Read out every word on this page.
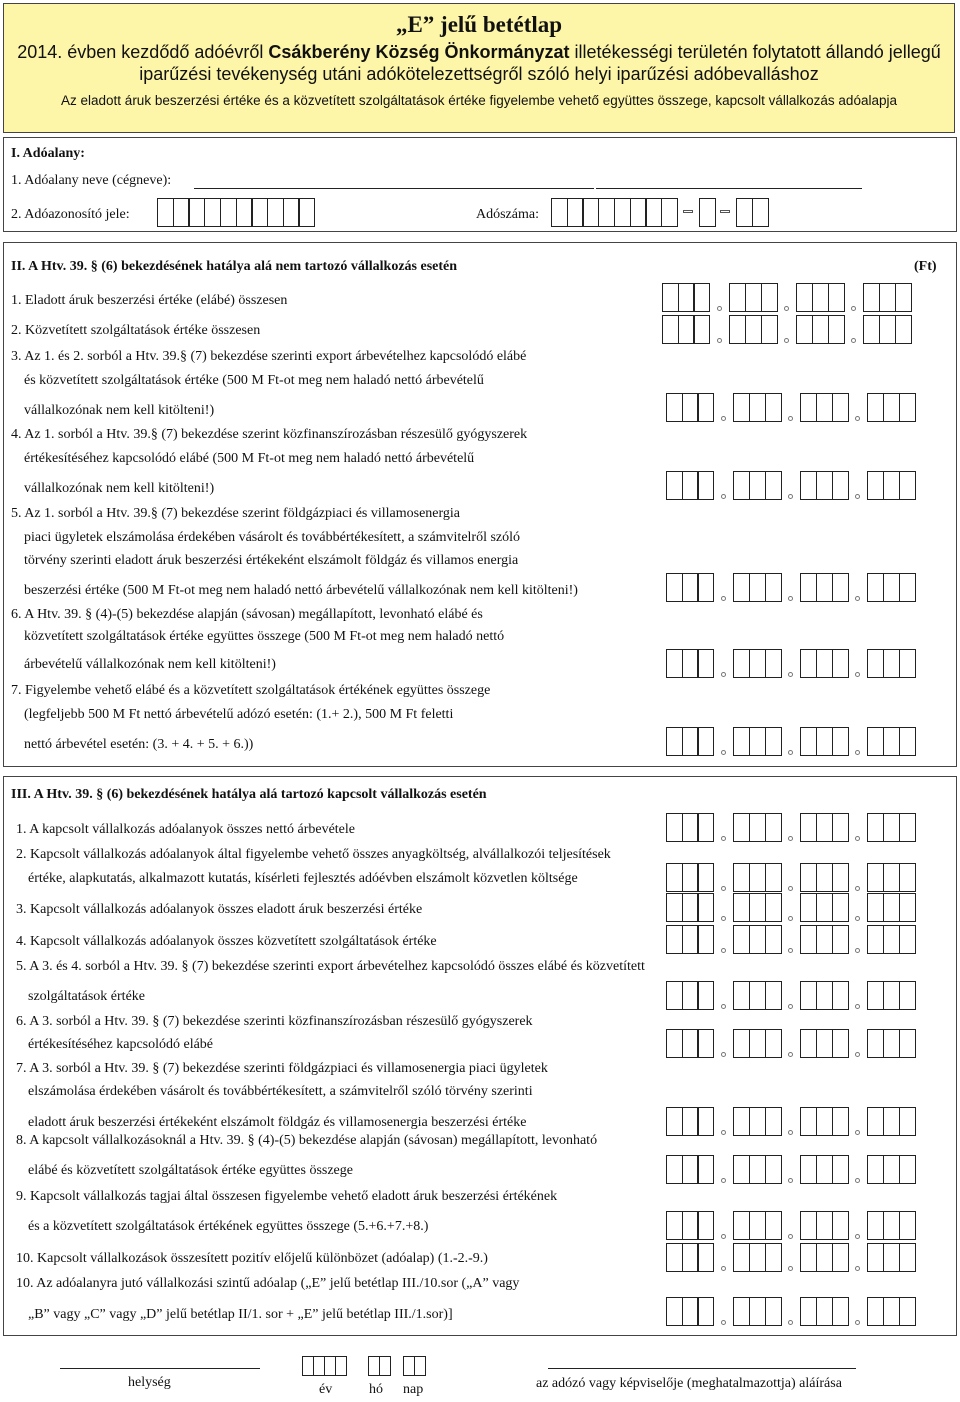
„E” jelű betétlap
2014. évben kezdődő adóévről Csákberény Község Önkormányzat illetékességi területén folytatott állandó jellegű
iparűzési tevékenység utáni adókötelezettségről szóló helyi iparűzési adóbevalláshoz
Az eladott áruk beszerzési értéke és a közvetített szolgáltatások értéke figyelembe vehető együttes összege, kapcsolt vállalkozás adóalapja
I. Adóalany:
1. Adóalany neve (cégneve):
2. Adóazonosító jele:	Adószáma:
II. A Htv. 39. § (6) bekezdésének hatálya alá nem tartozó vállalkozás esetén	(Ft)
1. Eladott áruk beszerzési értéke (elábé) összesen
2. Közvetített szolgáltatások értéke összesen
3. Az 1. és 2. sorból a Htv. 39.§ (7) bekezdése szerinti export árbevételhez kapcsolódó elábé
és közvetített szolgáltatások értéke (500 M Ft-ot meg nem haladó nettó árbevételű
vállalkozónak nem kell kitölteni!)
4. Az 1. sorból a Htv. 39.§ (7) bekezdése szerint közfinanszírozásban részesülő gyógyszerek
értékesítéséhez kapcsolódó elábé (500 M Ft-ot meg nem haladó nettó árbevételű
vállalkozónak nem kell kitölteni!)
5. Az 1. sorból a Htv. 39.§ (7) bekezdése szerint földgázpiaci és villamosenergia
piaci ügyletek elszámolása érdekében vásárolt és továbbértékesített, a számvitelről szóló
törvény szerinti eladott áruk beszerzési értékeként elszámolt földgáz és villamos energia
beszerzési értéke (500 M Ft-ot meg nem haladó nettó árbevételű vállalkozónak nem kell kitölteni!)
6. A Htv. 39. § (4)-(5) bekezdése alapján (sávosan) megállapított, levonható elábé és
közvetített szolgáltatások értéke együttes összege (500 M Ft-ot meg nem haladó nettó
árbevételű vállalkozónak nem kell kitölteni!)
7. Figyelembe vehető elábé és a közvetített szolgáltatások értékének együttes összege
(legfeljebb 500 M Ft nettó árbevételű adózó esetén: (1.+ 2.), 500 M Ft feletti
nettó árbevétel esetén: (3. + 4. + 5. + 6.))
III. A Htv. 39. § (6) bekezdésének hatálya alá tartozó kapcsolt vállalkozás esetén
1. A kapcsolt vállalkozás adóalanyok összes nettó árbevétele
2. Kapcsolt vállalkozás adóalanyok által figyelembe vehető összes anyagköltség, alvállalkozói teljesítések
értéke, alapkutatás, alkalmazott kutatás, kísérleti fejlesztés adóévben elszámolt közvetlen költsége
3. Kapcsolt vállalkozás adóalanyok összes eladott áruk beszerzési értéke
4. Kapcsolt vállalkozás adóalanyok összes közvetített szolgáltatások értéke
5. A 3. és 4. sorból a Htv. 39. § (7) bekezdése szerinti export árbevételhez kapcsolódó összes elábé és közvetített
szolgáltatások értéke
6. A 3. sorból a Htv. 39. § (7) bekezdése szerinti közfinanszírozásban részesülő gyógyszerek
értékesítéséhez kapcsolódó elábé
7. A 3. sorból a Htv. 39. § (7) bekezdése szerinti földgázpiaci és villamosenergia piaci ügyletek
elszámolása érdekében vásárolt és továbbértékesített, a számvitelről szóló törvény szerinti
eladott áruk beszerzési értékeként elszámolt földgáz és villamosenergia beszerzési értéke
8. A kapcsolt vállalkozásoknál a Htv. 39. § (4)-(5) bekezdése alapján (sávosan) megállapított, levonható
elábé és közvetített szolgáltatások értéke együttes összege
9. Kapcsolt vállalkozás tagjai által összesen figyelembe vehető eladott áruk beszerzési értékének
és a közvetített szolgáltatások értékének együttes összege (5.+6.+7.+8.)
10. Kapcsolt vállalkozások összesített pozitív előjelű különbözet (adóalap) (1.-2.-9.)
10. Az adóalanyra jutó vállalkozási szintű adóalap („E” jelű betétlap III./10.sor („A” vagy
„B” vagy „C” vagy „D” jelű betétlap II/1. sor + „E” jelű betétlap III./1.sor)]
helység	év	hó nap	az adózó vagy képviselője (meghatalmazottja) aláírása
